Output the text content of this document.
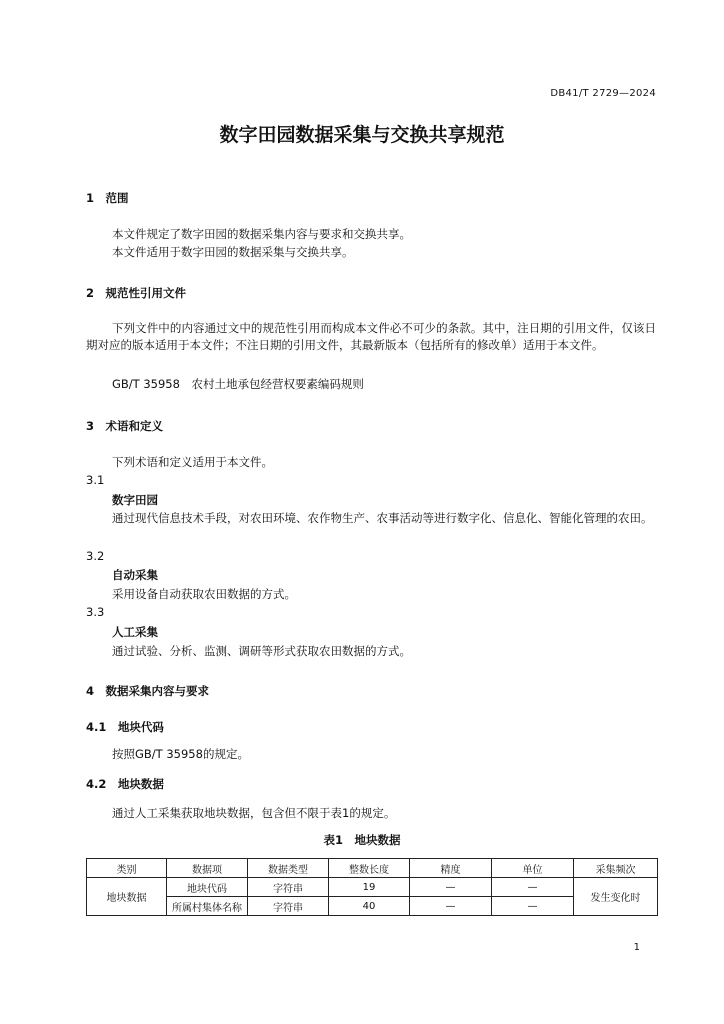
DB41/T 2729—2024
数字田园数据采集与交换共享规范
1　范围
本文件规定了数字田园的数据采集内容与要求和交换共享。
本文件适用于数字田园的数据采集与交换共享。
2　规范性引用文件
下列文件中的内容通过文中的规范性引用而构成本文件必不可少的条款。其中，注日期的引用文件，仅该日期对应的版本适用于本文件；不注日期的引用文件，其最新版本（包括所有的修改单）适用于本文件。
GB/T 35958　农村土地承包经营权要素编码规则
3　术语和定义
下列术语和定义适用于本文件。
3.1
数字田园
通过现代信息技术手段，对农田环境、农作物生产、农事活动等进行数字化、信息化、智能化管理的农田。
3.2
自动采集
采用设备自动获取农田数据的方式。
3.3
人工采集
通过试验、分析、监测、调研等形式获取农田数据的方式。
4　数据采集内容与要求
4.1　地块代码
按照GB/T 35958的规定。
4.2　地块数据
通过人工采集获取地块数据，包含但不限于表1的规定。
表1　地块数据
类别	数据项	数据类型	整数长度	精度	单位	采集频次
地块数据	地块代码	字符串	19	—	—	发生变化时
	所属村集体名称	字符串	40	—	—	
1
